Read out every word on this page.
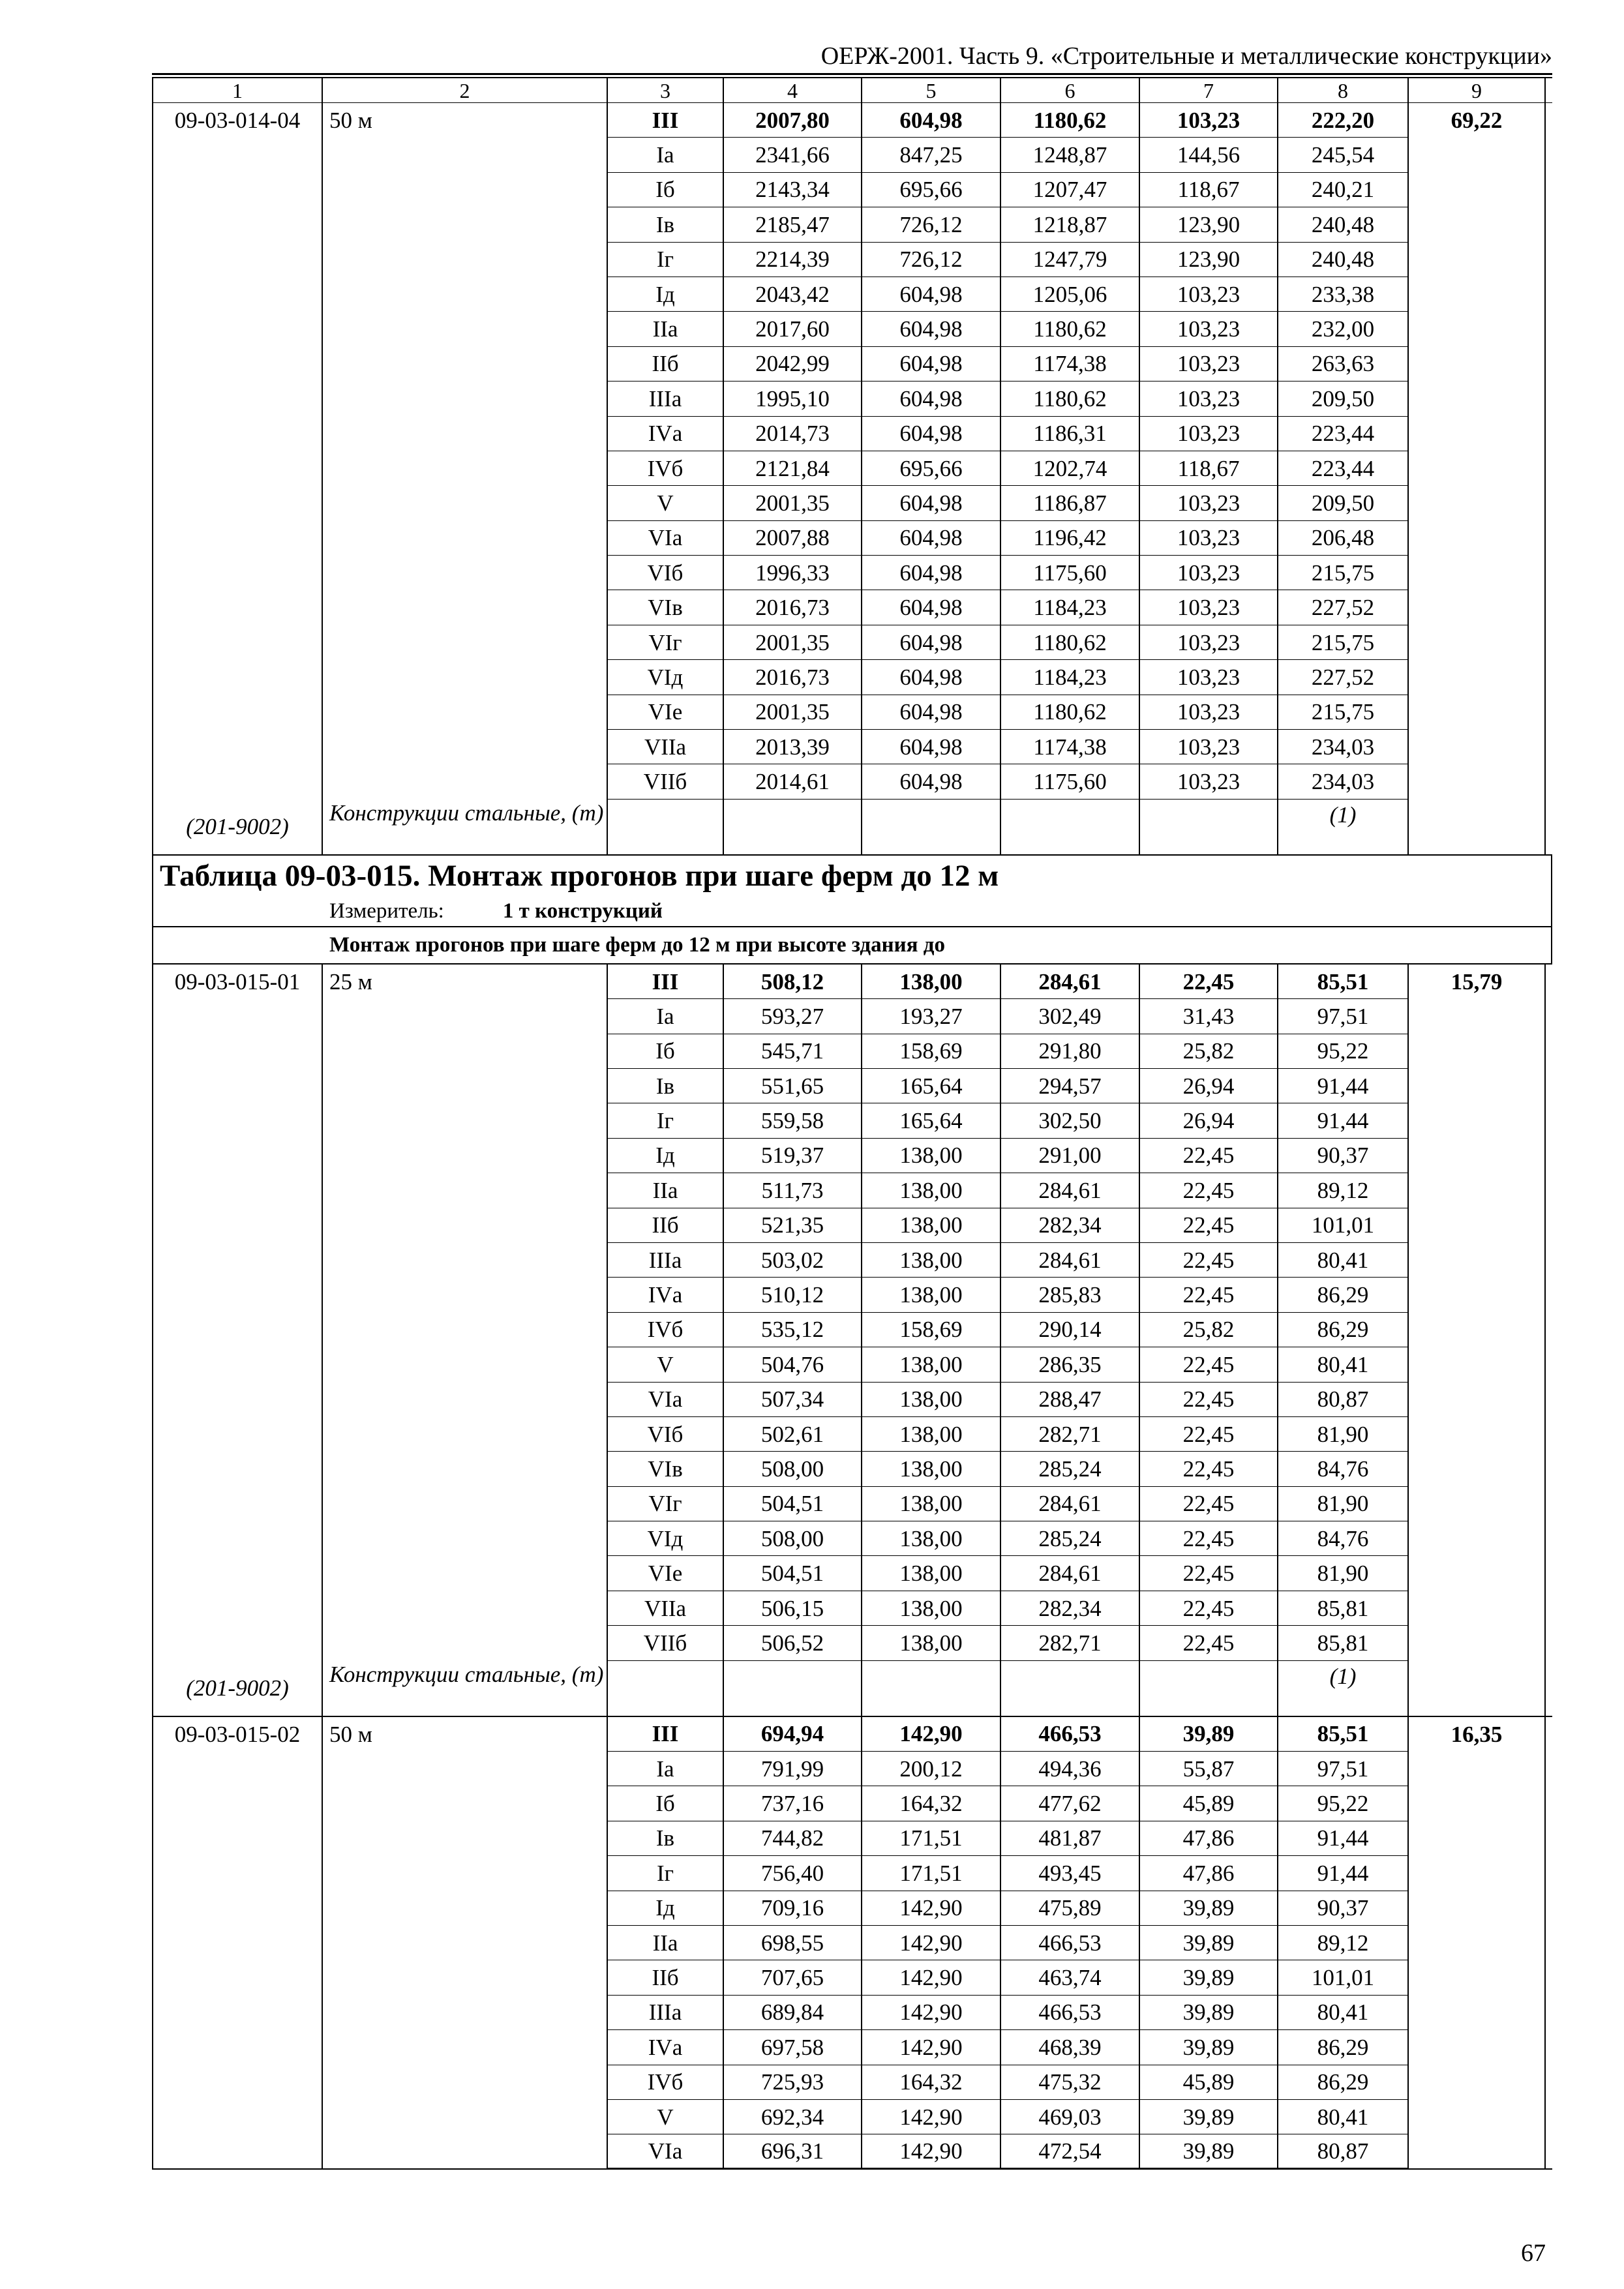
ОЕРЖ-2001. Часть 9. «Строительные и металлические конструкции»
1	2	3	4	5	6	7	8	9
09-03-014-04	50 м	III	2007,80	604,98	1180,62	103,23	222,20	69,22
Iа	2341,66	847,25	1248,87	144,56	245,54
Iб	2143,34	695,66	1207,47	118,67	240,21
Iв	2185,47	726,12	1218,87	123,90	240,48
Iг	2214,39	726,12	1247,79	123,90	240,48
Iд	2043,42	604,98	1205,06	103,23	233,38
IIа	2017,60	604,98	1180,62	103,23	232,00
IIб	2042,99	604,98	1174,38	103,23	263,63
IIIа	1995,10	604,98	1180,62	103,23	209,50
IVа	2014,73	604,98	1186,31	103,23	223,44
IVб	2121,84	695,66	1202,74	118,67	223,44
V	2001,35	604,98	1186,87	103,23	209,50
VIа	2007,88	604,98	1196,42	103,23	206,48
VIб	1996,33	604,98	1175,60	103,23	215,75
VIв	2016,73	604,98	1184,23	103,23	227,52
VIг	2001,35	604,98	1180,62	103,23	215,75
VIд	2016,73	604,98	1184,23	103,23	227,52
VIе	2001,35	604,98	1180,62	103,23	215,75
VIIа	2013,39	604,98	1174,38	103,23	234,03
VIIб	2014,61	604,98	1175,60	103,23	234,03
(201-9002)
Конструкции стальные, (т)	(1)
Таблица 09-03-015. Монтаж прогонов при шаге ферм до 12 м
Измеритель:	1 т конструкций
Монтаж прогонов при шаге ферм до 12 м при высоте здания до
09-03-015-01	25 м	III	508,12	138,00	284,61	22,45	85,51	15,79
Iа	593,27	193,27	302,49	31,43	97,51
Iб	545,71	158,69	291,80	25,82	95,22
Iв	551,65	165,64	294,57	26,94	91,44
Iг	559,58	165,64	302,50	26,94	91,44
Iд	519,37	138,00	291,00	22,45	90,37
IIа	511,73	138,00	284,61	22,45	89,12
IIб	521,35	138,00	282,34	22,45	101,01
IIIа	503,02	138,00	284,61	22,45	80,41
IVа	510,12	138,00	285,83	22,45	86,29
IVб	535,12	158,69	290,14	25,82	86,29
V	504,76	138,00	286,35	22,45	80,41
VIа	507,34	138,00	288,47	22,45	80,87
VIб	502,61	138,00	282,71	22,45	81,90
VIв	508,00	138,00	285,24	22,45	84,76
VIг	504,51	138,00	284,61	22,45	81,90
VIд	508,00	138,00	285,24	22,45	84,76
VIе	504,51	138,00	284,61	22,45	81,90
VIIа	506,15	138,00	282,34	22,45	85,81
VIIб	506,52	138,00	282,71	22,45	85,81
(201-9002)
Конструкции стальные, (т)	(1)
09-03-015-02	50 м	III	694,94	142,90	466,53	39,89	85,51	16,35
Iа	791,99	200,12	494,36	55,87	97,51
Iб	737,16	164,32	477,62	45,89	95,22
Iв	744,82	171,51	481,87	47,86	91,44
Iг	756,40	171,51	493,45	47,86	91,44
Iд	709,16	142,90	475,89	39,89	90,37
IIа	698,55	142,90	466,53	39,89	89,12
IIб	707,65	142,90	463,74	39,89	101,01
IIIа	689,84	142,90	466,53	39,89	80,41
IVа	697,58	142,90	468,39	39,89	86,29
IVб	725,93	164,32	475,32	45,89	86,29
V	692,34	142,90	469,03	39,89	80,41
VIа	696,31	142,90	472,54	39,89	80,87
67
